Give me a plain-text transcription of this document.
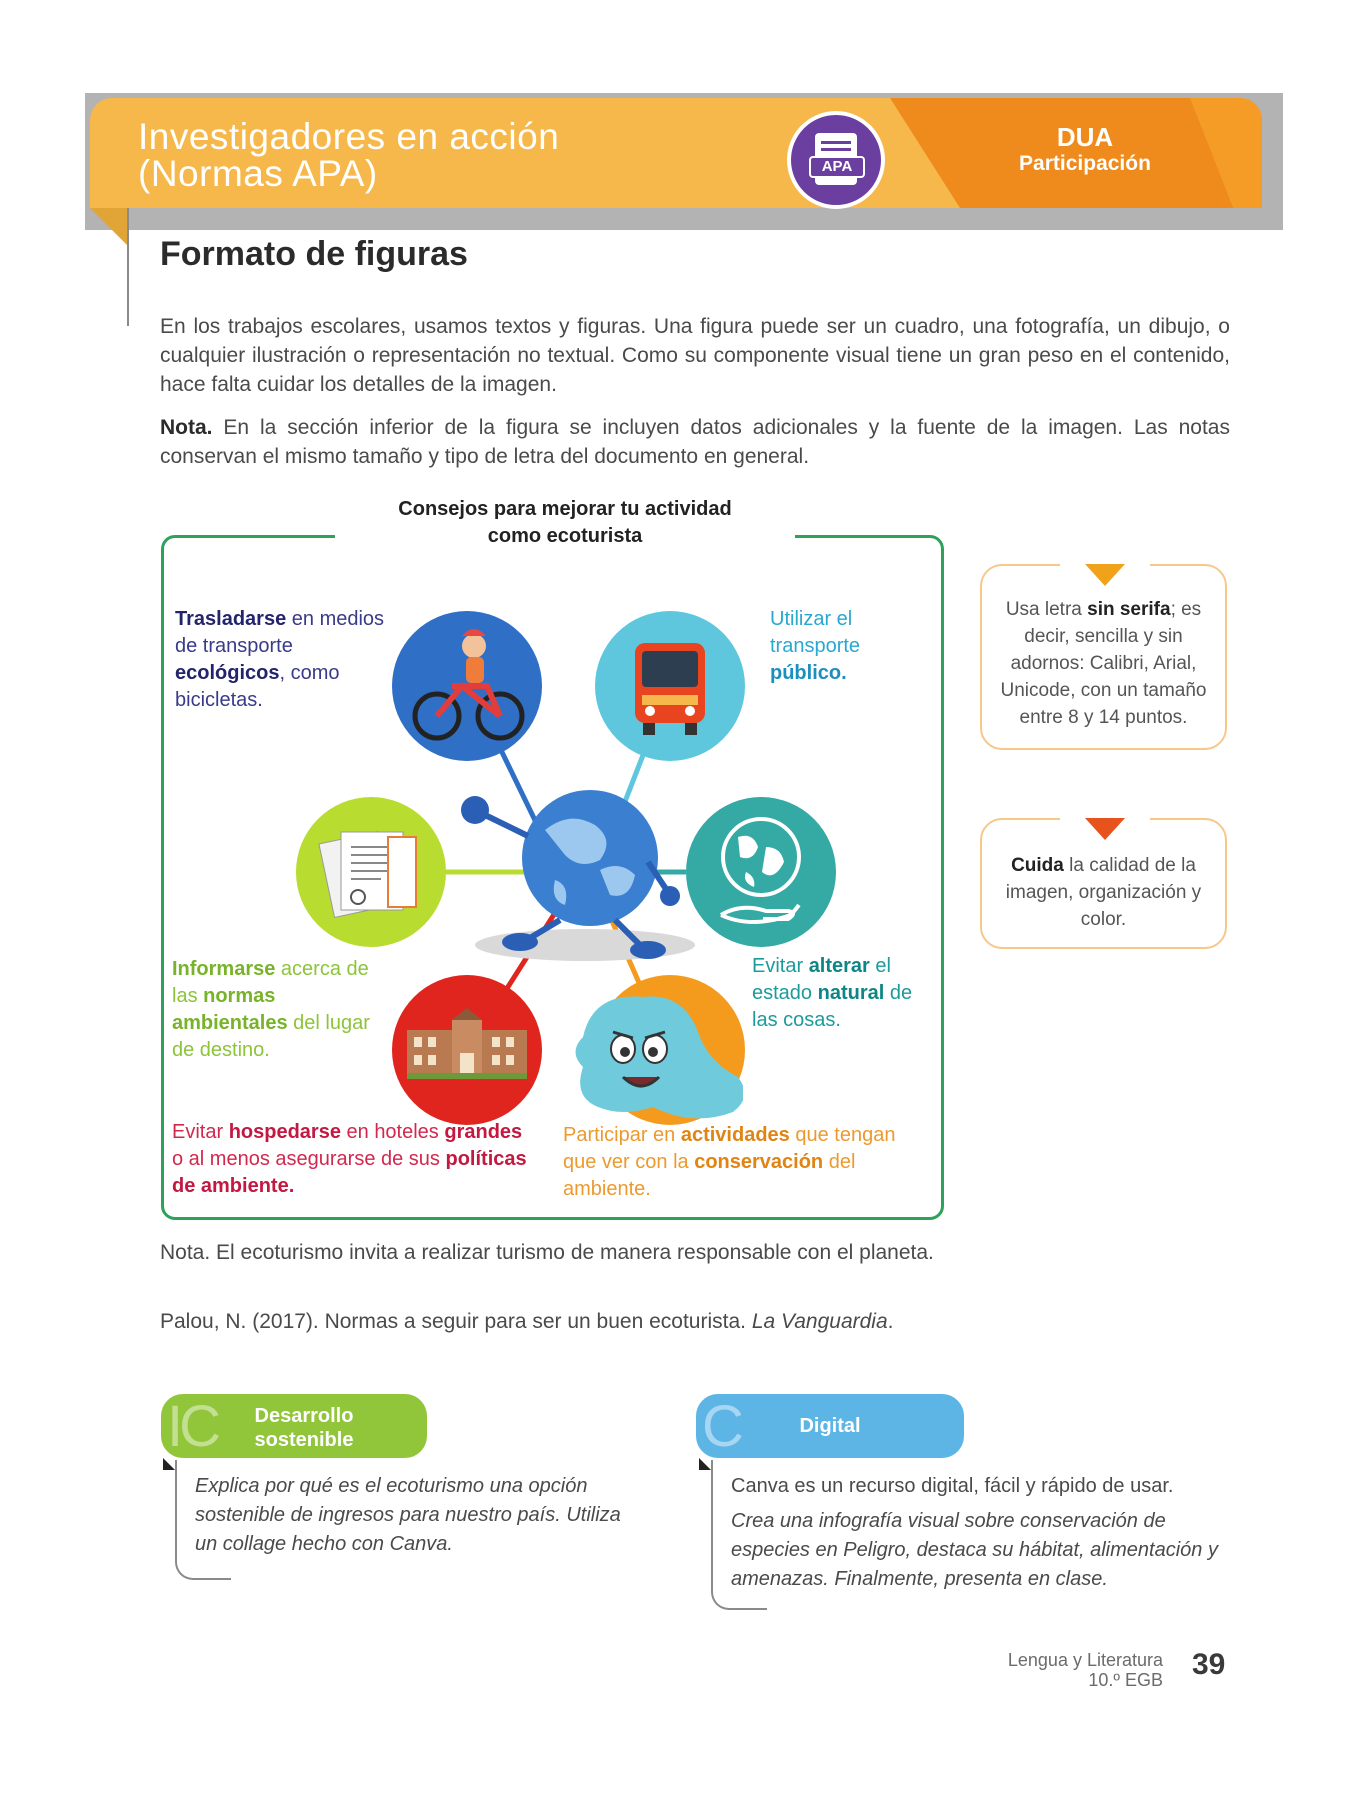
Investigadores en acción
(Normas APA)	APA
DUA
Participación
Formato de figuras
En los trabajos escolares, usamos textos y figuras. Una figura puede ser un cuadro, una fotografía, un dibujo, o cualquier ilustración o representación no textual. Como su componente visual tiene un gran peso en el contenido, hace falta cuidar los detalles de la imagen.
Nota. En la sección inferior de la figura se incluyen datos adicionales y la fuente de la imagen. Las notas conservan el mismo tamaño y tipo de letra del documento en general.
Consejos para mejorar tu actividad
como ecoturista
Trasladarse en medios de transporte ecológicos, como bicicletas.
Utilizar el transporte público.
Informarse acerca de las normas ambientales del lugar de destino.
Evitar alterar el estado natural de las cosas.
Evitar hospedarse en hoteles grandes o al menos asegurarse de sus políticas de ambiente.
Participar en actividades que tengan que ver con la conservación del ambiente.
Nota. El ecoturismo invita a realizar turismo de manera responsable con el planeta.
Palou, N. (2017). Normas a seguir para ser un buen ecoturista. La Vanguardia.
Usa letra sin serifa; es decir, sencilla y sin adornos: Calibri, Arial, Unicode, con un tamaño entre 8 y 14 puntos.
Cuida la calidad de la imagen, organización y color.
IC	Desarrollo
sostenible
Explica por qué es el ecoturismo una opción sostenible de ingresos para nuestro país. Utiliza un collage hecho con Canva.
C	Digital
Canva es un recurso digital, fácil y rápido de usar.
Crea una infografía visual sobre conservación de especies en Peligro, destaca su hábitat, alimentación y amenazas. Finalmente, presenta en clase.
Lengua y Literatura
10.º EGB 39
